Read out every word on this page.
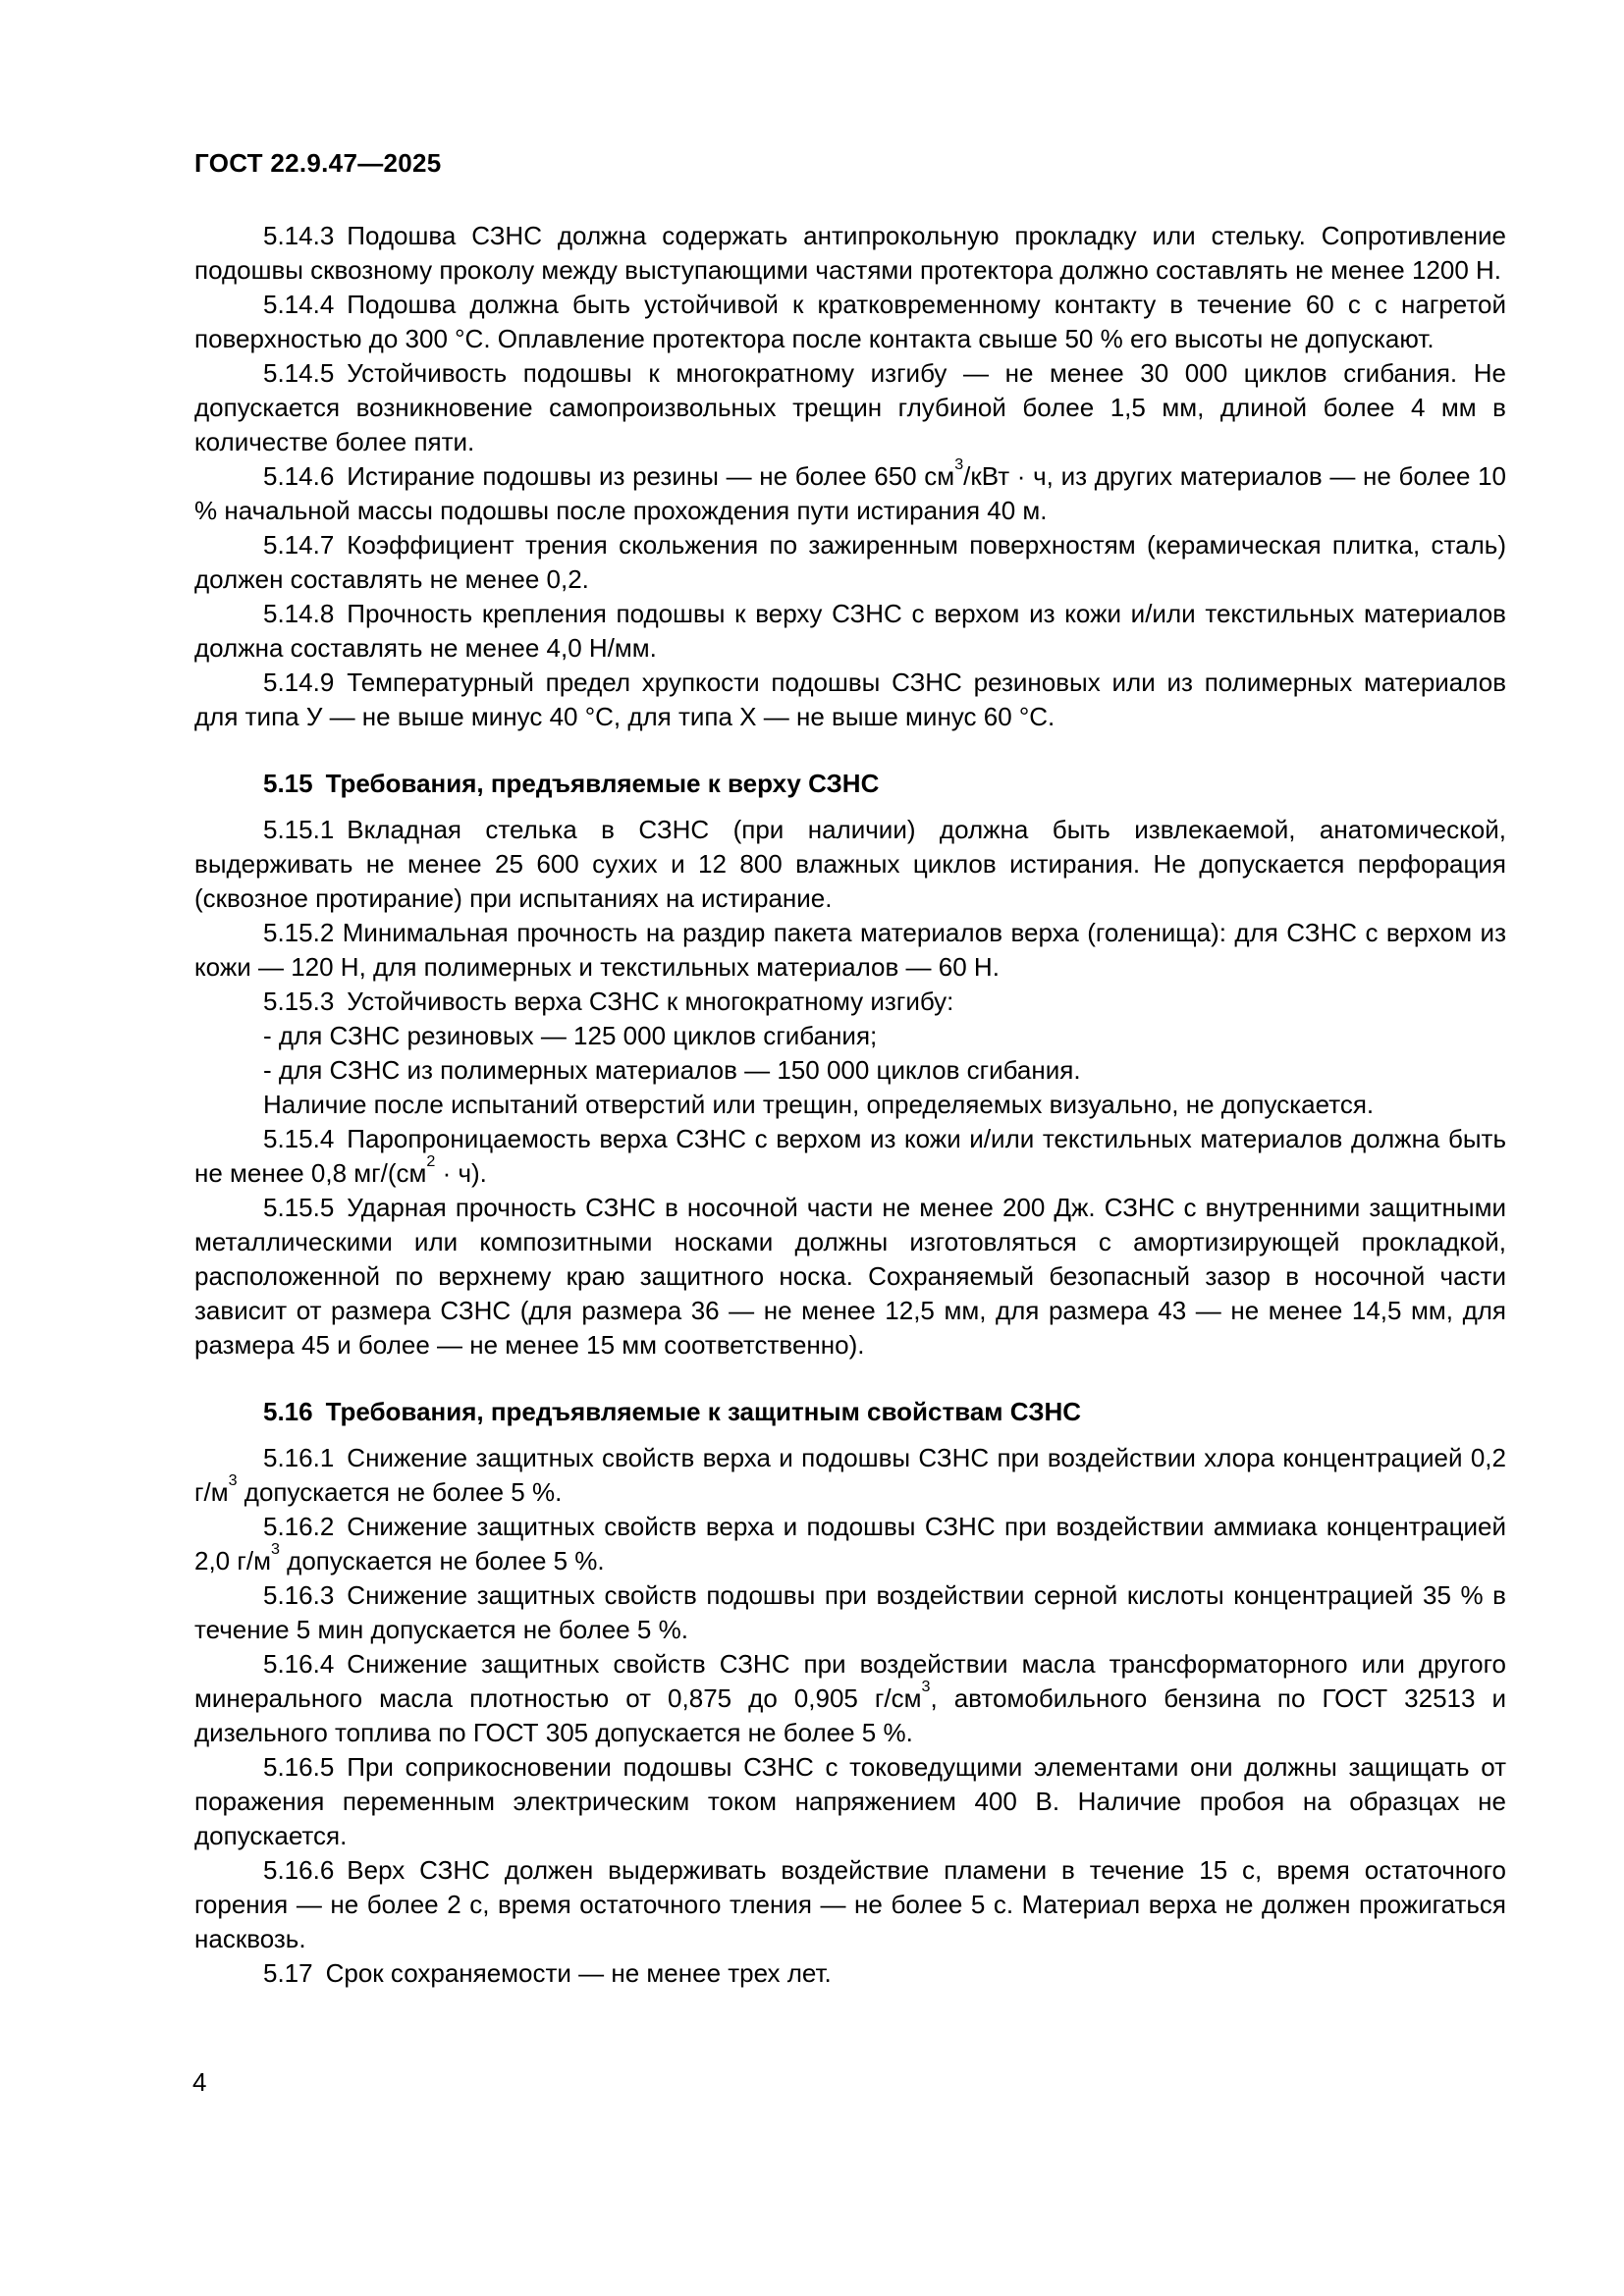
ГОСТ 22.9.47—2025

5.14.3 Подошва СЗНС должна содержать антипрокольную прокладку или стельку. Сопротивление подошвы сквозному проколу между выступающими частями протектора должно составлять не менее 1200 Н.

5.14.4 Подошва должна быть устойчивой к кратковременному контакту в течение 60 с с нагретой поверхностью до 300 °С. Оплавление протектора после контакта свыше 50 % его высоты не допускают.

5.14.5 Устойчивость подошвы к многократному изгибу — не менее 30 000 циклов сгибания. Не допускается возникновение самопроизвольных трещин глубиной более 1,5 мм, длиной более 4 мм в количестве более пяти.

5.14.6 Истирание подошвы из резины — не более 650 $см^3$/кВт · ч, из других материалов — не более 10 % начальной массы подошвы после прохождения пути истирания 40 м.

5.14.7 Коэффициент трения скольжения по зажиренным поверхностям (керамическая плитка, сталь) должен составлять не менее 0,2.

5.14.8 Прочность крепления подошвы к верху СЗНС с верхом из кожи и/или текстильных материалов должна составлять не менее 4,0 Н/мм.

5.14.9 Температурный предел хрупкости подошвы СЗНС резиновых или из полимерных материалов для типа У — не выше минус 40 °С, для типа Х — не выше минус 60 °С.

5.15 Требования, предъявляемые к верху СЗНС

5.15.1 Вкладная стелька в СЗНС (при наличии) должна быть извлекаемой, анатомической, выдерживать не менее 25 600 сухих и 12 800 влажных циклов истирания. Не допускается перфорация (сквозное протирание) при испытаниях на истирание.

5.15.2 Минимальная прочность на раздир пакета материалов верха (голенища): для СЗНС с верхом из кожи — 120 Н, для полимерных и текстильных материалов — 60 Н.

5.15.3 Устойчивость верха СЗНС к многократному изгибу:

- для СЗНС резиновых — 125 000 циклов сгибания;

- для СЗНС из полимерных материалов — 150 000 циклов сгибания.

Наличие после испытаний отверстий или трещин, определяемых визуально, не допускается.

5.15.4 Паропроницаемость верха СЗНС с верхом из кожи и/или текстильных материалов должна быть не менее 0,8 $мг/(см^2 \cdot ч)$.

5.15.5 Ударная прочность СЗНС в носочной части не менее 200 Дж. СЗНС с внутренними защитными металлическими или композитными носками должны изготовляться с амортизирующей прокладкой, расположенной по верхнему краю защитного носка. Сохраняемый безопасный зазор в носочной части зависит от размера СЗНС (для размера 36 — не менее 12,5 мм, для размера 43 — не менее 14,5 мм, для размера 45 и более — не менее 15 мм соответственно).

5.16 Требования, предъявляемые к защитным свойствам СЗНС

5.16.1 Снижение защитных свойств верха и подошвы СЗНС при воздействии хлора концентрацией 0,2 $г/м^3$ допускается не более 5 %.

5.16.2 Снижение защитных свойств верха и подошвы СЗНС при воздействии аммиака концентрацией 2,0 $г/м^3$ допускается не более 5 %.

5.16.3 Снижение защитных свойств подошвы при воздействии серной кислоты концентрацией 35 % в течение 5 мин допускается не более 5 %.

5.16.4 Снижение защитных свойств СЗНС при воздействии масла трансформаторного или другого минерального масла плотностью от 0,875 до 0,905 $г/см^3$, автомобильного бензина по ГОСТ 32513 и дизельного топлива по ГОСТ 305 допускается не более 5 %.

5.16.5 При соприкосновении подошвы СЗНС с токоведущими элементами они должны защищать от поражения переменным электрическим током напряжением 400 В. Наличие пробоя на образцах не допускается.

5.16.6 Верх СЗНС должен выдерживать воздействие пламени в течение 15 с, время остаточного горения — не более 2 с, время остаточного тления — не более 5 с. Материал верха не должен прожигаться насквозь.

5.17 Срок сохраняемости — не менее трех лет.

4
